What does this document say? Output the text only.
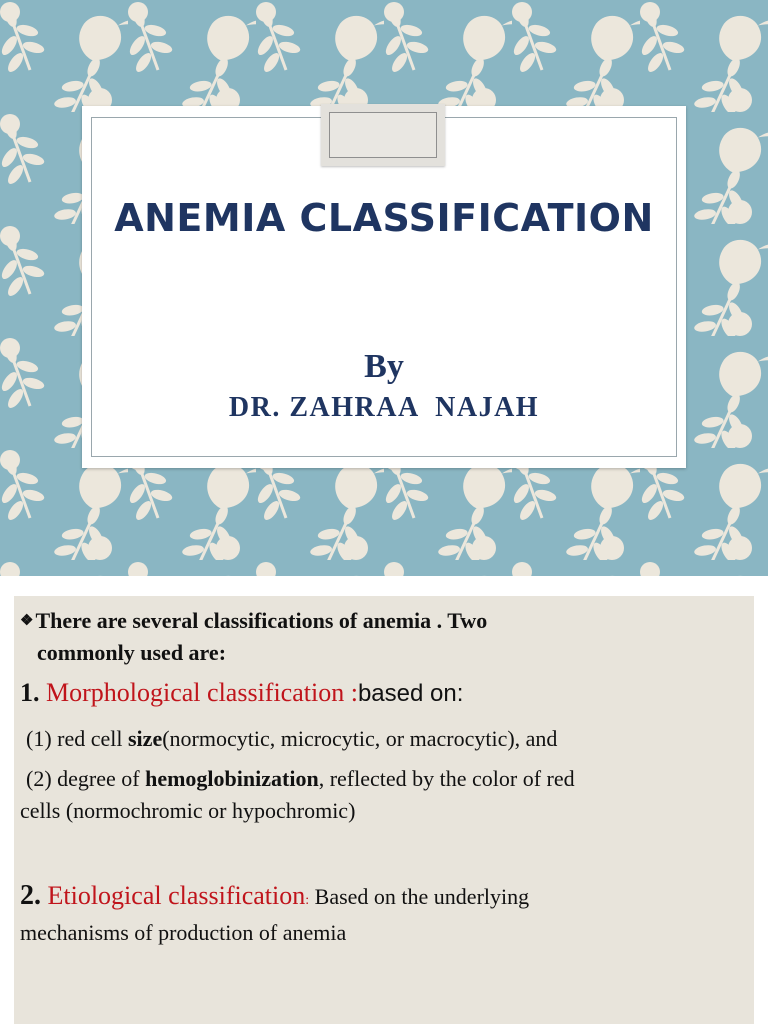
ANEMIA CLASSIFICATION
By
DR. ZAHRAA  NAJAH
❖There are several classifications of anemia . Two
commonly used are:
1. Morphological classification :based on:
(1) red cell size(normocytic, microcytic, or macrocytic), and
(2) degree of hemoglobinization, reflected by the color of red
cells (normochromic or hypochromic)
2. Etiological classification: Based on the underlying
mechanisms of production of anemia
